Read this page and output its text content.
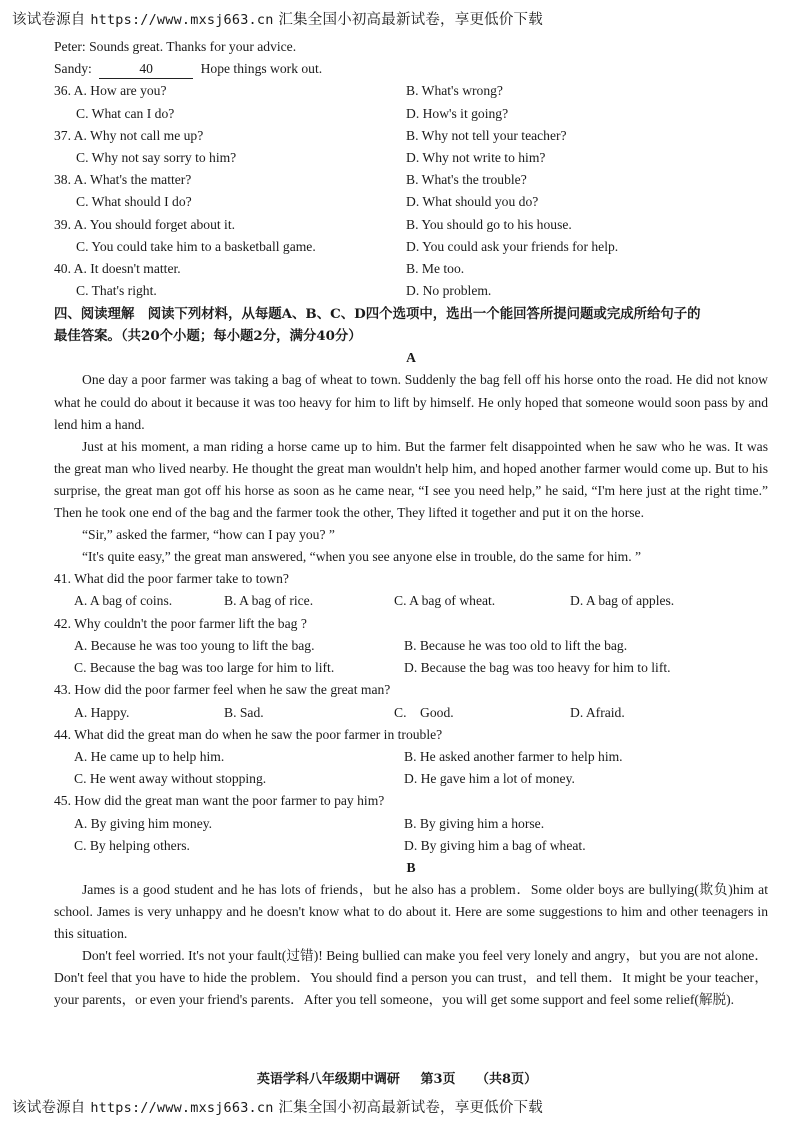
该试卷源自 https://www.mxsj663.cn 汇集全国小初高最新试卷，享更低价下载
Peter: Sounds great. Thanks for your advice.
Sandy:	40	Hope things work out.
36. A. How are you?	B. What's wrong?
C. What can I do?	D. How's it going?
37. A. Why not call me up?	B. Why not tell your teacher?
C. Why not say sorry to him?	D. Why not write to him?
38. A. What's the matter?	B. What's the trouble?
C. What should I do?	D. What should you do?
39. A. You should forget about it.	B. You should go to his house.
C. You could take him to a basketball game.	D. You could ask your friends for help.
40. A. It doesn't matter.	B. Me too.
C. That's right.	D. No problem.
四、阅读理解　阅读下列材料，从每题A、B、C、D四个选项中，选出一个能回答所提问题或完成所给句子的
最佳答案。（共20个小题；每小题2分，满分40分）
A
One day a poor farmer was taking a bag of wheat to town. Suddenly the bag fell off his horse onto the road. He did not know what he could do about it because it was too heavy for him to lift by himself. He only hoped that someone would soon pass by and lend him a hand.
Just at his moment, a man riding a horse came up to him. But the farmer felt disappointed when he saw who he was. It was the great man who lived nearby. He thought the great man wouldn't help him, and hoped another farmer would come up. But to his surprise, the great man got off his horse as soon as he came near, “I see you need help,” he said, “I'm here just at the right time.” Then he took one end of the bag and the farmer took the other, They lifted it together and put it on the horse.
“Sir,” asked the farmer, “how can I pay you? ”
“It's quite easy,” the great man answered, “when you see anyone else in trouble, do the same for him. ”
41. What did the poor farmer take to town?
A. A bag of coins.	B. A bag of rice.	C. A bag of wheat.	D. A bag of apples.
42. Why couldn't the poor farmer lift the bag ?
A. Because he was too young to lift the bag.	B. Because he was too old to lift the bag.
C. Because the bag was too large for him to lift.	D. Because the bag was too heavy for him to lift.
43. How did the poor farmer feel when he saw the great man?
A. Happy.	B. Sad.	C.　Good.	D. Afraid.
44. What did the great man do when he saw the poor farmer in trouble?
A. He came up to help him.	B. He asked another farmer to help him.
C. He went away without stopping.	D. He gave him a lot of money.
45. How did the great man want the poor farmer to pay him?
A. By giving him money.	B. By giving him a horse.
C. By helping others.	D. By giving him a bag of wheat.
B
James is a good student and he has lots of friends，but he also has a problem．Some older boys are bullying(欺负)him at school. James is very unhappy and he doesn't know what to do about it. Here are some suggestions to him and other teenagers in this situation.
Don't feel worried. It's not your fault(过错)! Being bullied can make you feel very lonely and angry，but you are not alone．Don't feel that you have to hide the problem．You should find a person you can trust，and tell them．It might be your teacher，your parents，or even your friend's parents．After you tell someone，you will get some support and feel some relief(解脱).
英语学科八年级期中调研 第3页 （共8页）
该试卷源自 https://www.mxsj663.cn 汇集全国小初高最新试卷，享更低价下载
